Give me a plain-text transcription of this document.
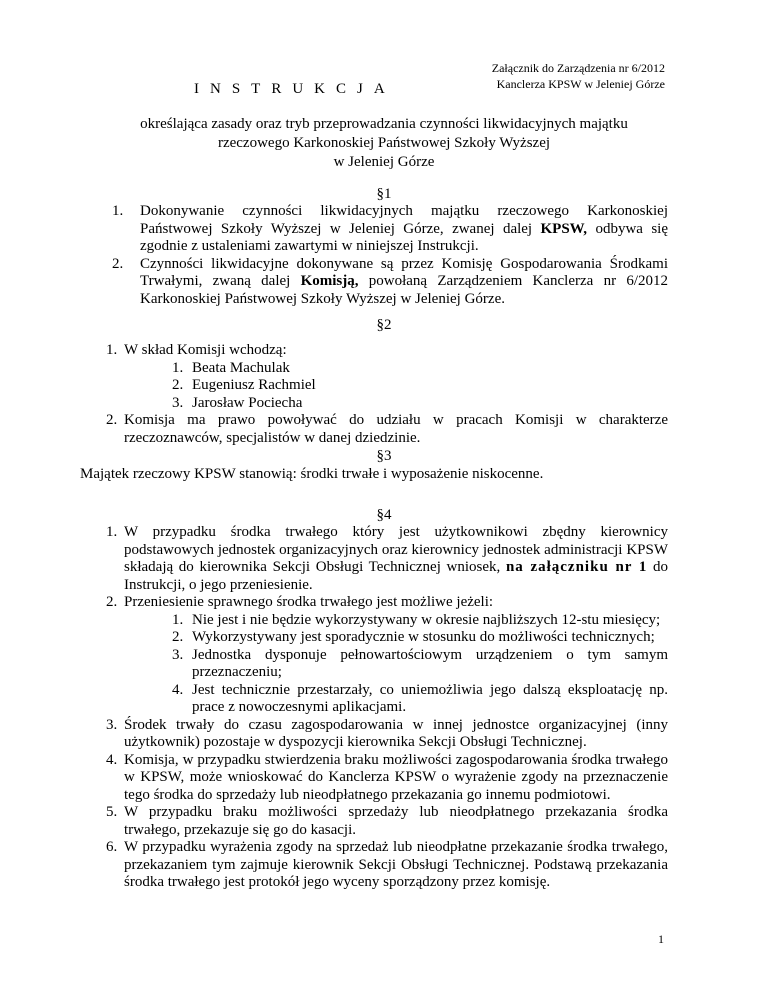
Załącznik do Zarządzenia nr 6/2012
Kanclerza KPSW w Jeleniej Górze
INSTRUKCJA
określająca zasady oraz tryb przeprowadzania czynności likwidacyjnych majątku
rzeczowego Karkonoskiej Państwowej Szkoły Wyższej
w Jeleniej Górze
§1
1. Dokonywanie czynności likwidacyjnych majątku rzeczowego Karkonoskiej Państwowej Szkoły Wyższej w Jeleniej Górze, zwanej dalej KPSW, odbywa się zgodnie z ustaleniami zawartymi w niniejszej Instrukcji.
2. Czynności likwidacyjne dokonywane są przez Komisję Gospodarowania Środkami Trwałymi, zwaną dalej Komisją, powołaną Zarządzeniem Kanclerza nr 6/2012 Karkonoskiej Państwowej Szkoły Wyższej w Jeleniej Górze.
§2
1. W skład Komisji wchodzą:
1. Beata Machulak
2. Eugeniusz Rachmiel
3. Jarosław Pociecha
2. Komisja ma prawo powoływać do udziału w pracach Komisji w charakterze rzeczoznawców, specjalistów w danej dziedzinie.
§3
Majątek rzeczowy KPSW stanowią: środki trwałe i wyposażenie niskocenne.
§4
1. W przypadku środka trwałego który jest użytkownikowi zbędny kierownicy podstawowych jednostek organizacyjnych oraz kierownicy jednostek administracji KPSW składają do kierownika Sekcji Obsługi Technicznej wniosek, na załączniku nr 1 do Instrukcji, o jego przeniesienie.
2. Przeniesienie sprawnego środka trwałego jest możliwe jeżeli:
1. Nie jest i nie będzie wykorzystywany w okresie najbliższych 12-stu miesięcy;
2. Wykorzystywany jest sporadycznie w stosunku do możliwości technicznych;
3. Jednostka dysponuje pełnowartościowym urządzeniem o tym samym przeznaczeniu;
4. Jest technicznie przestarzały, co uniemożliwia jego dalszą eksploatację np. prace z nowoczesnymi aplikacjami.
3. Środek trwały do czasu zagospodarowania w innej jednostce organizacyjnej (inny użytkownik) pozostaje w dyspozycji kierownika Sekcji Obsługi Technicznej.
4. Komisja, w przypadku stwierdzenia braku możliwości zagospodarowania środka trwałego w KPSW, może wnioskować do Kanclerza KPSW o wyrażenie zgody na przeznaczenie tego środka do sprzedaży lub nieodpłatnego przekazania go innemu podmiotowi.
5. W przypadku braku możliwości sprzedaży lub nieodpłatnego przekazania środka trwałego, przekazuje się go do kasacji.
6. W przypadku wyrażenia zgody na sprzedaż lub nieodpłatne przekazanie środka trwałego, przekazaniem tym zajmuje kierownik Sekcji Obsługi Technicznej. Podstawą przekazania środka trwałego jest protokół jego wyceny sporządzony przez komisję.
1
